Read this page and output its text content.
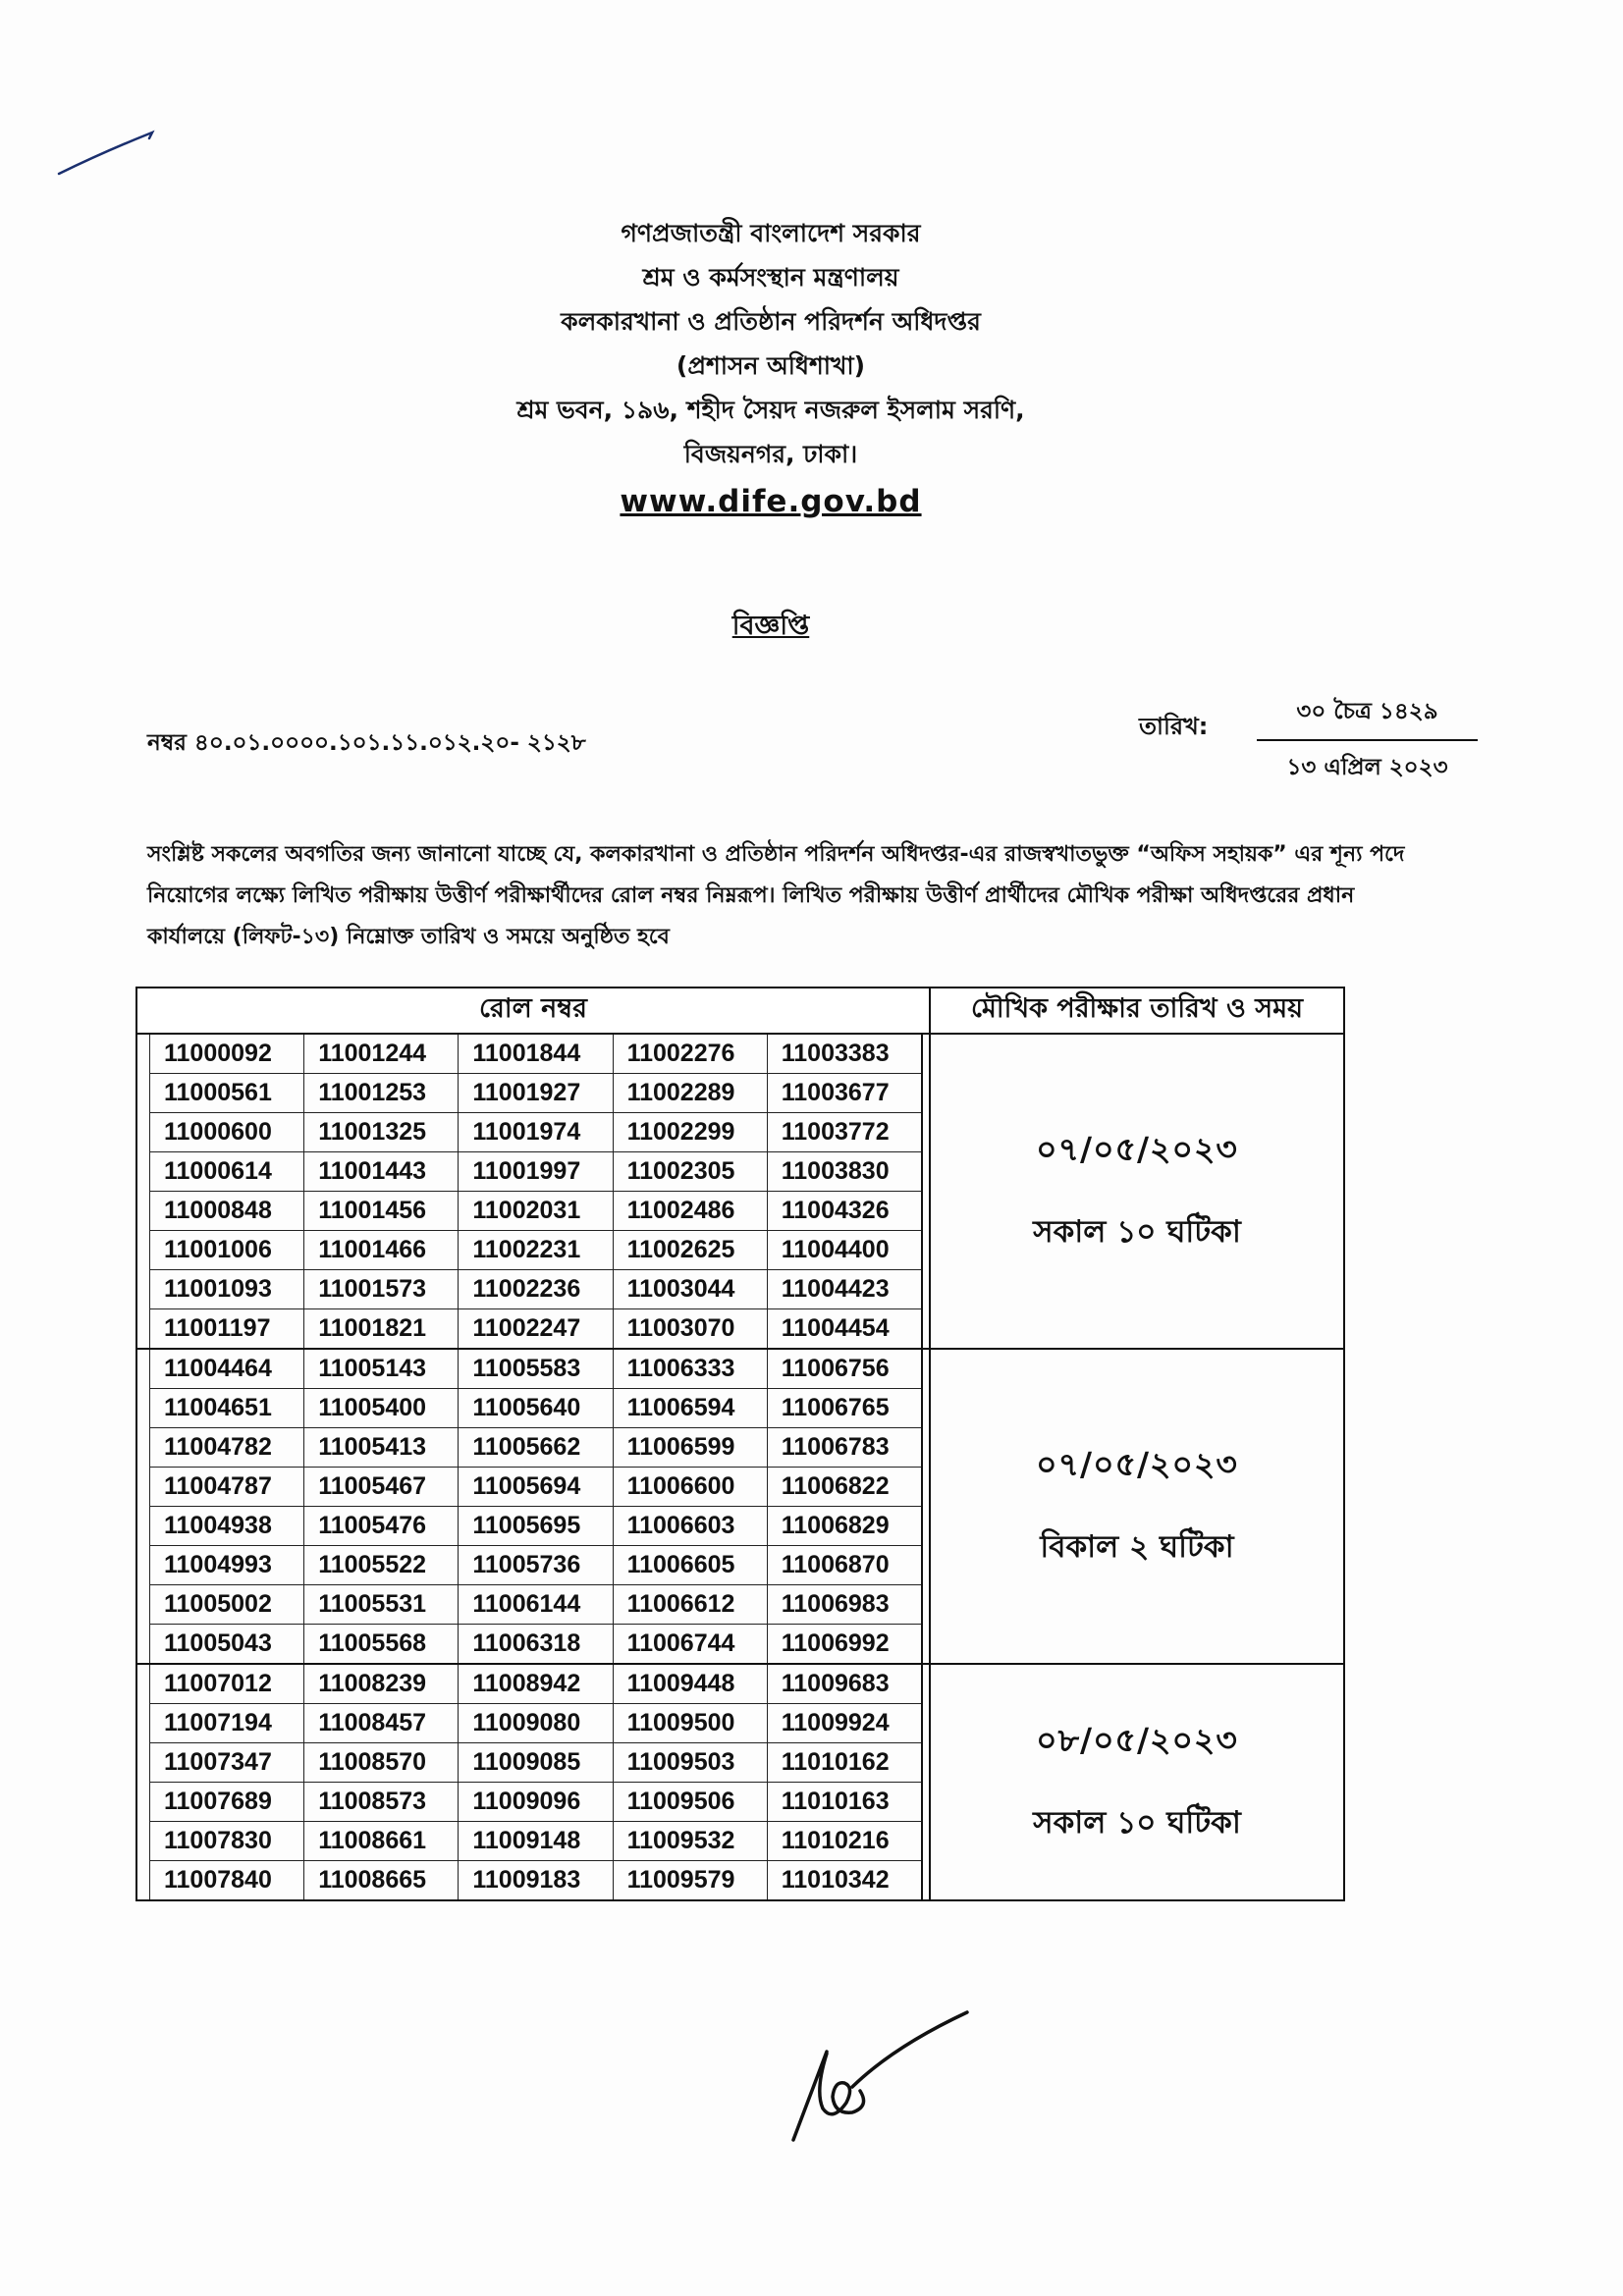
গণপ্রজাতন্ত্রী বাংলাদেশ সরকার
শ্রম ও কর্মসংস্থান মন্ত্রণালয়
কলকারখানা ও প্রতিষ্ঠান পরিদর্শন অধিদপ্তর
(প্রশাসন অধিশাখা)
শ্রম ভবন, ১৯৬, শহীদ সৈয়দ নজরুল ইসলাম সরণি,
বিজয়নগর, ঢাকা।
www.dife.gov.bd
বিজ্ঞপ্তি
নম্বর ৪০.০১.০০০০.১০১.১১.০১২.২০- ২১২৮
তারিখ:
৩০ চৈত্র ১৪২৯
১৩ এপ্রিল ২০২৩
সংশ্লিষ্ট সকলের অবগতির জন্য জানানো যাচ্ছে যে, কলকারখানা ও প্রতিষ্ঠান পরিদর্শন অধিদপ্তর-এর রাজস্বখাতভুক্ত “অফিস সহায়ক” এর শূন্য পদে নিয়োগের লক্ষ্যে লিখিত পরীক্ষায় উত্তীর্ণ পরীক্ষার্থীদের রোল নম্বর নিম্নরূপ। লিখিত পরীক্ষায় উত্তীর্ণ প্রার্থীদের মৌখিক পরীক্ষা অধিদপ্তরের প্রধান কার্যালয়ে (লিফট-১৩) নিম্নোক্ত তারিখ ও সময়ে অনুষ্ঠিত হবে
রোল নম্বর	মৌখিক পরীক্ষার তারিখ ও সময়

11000092	11001244	11001844	11002276	11003383
11000561	11001253	11001927	11002289	11003677
11000600	11001325	11001974	11002299	11003772
11000614	11001443	11001997	11002305	11003830
11000848	11001456	11002031	11002486	11004326
11001006	11001466	11002231	11002625	11004400
11001093	11001573	11002236	11003044	11004423
11001197	11001821	11002247	11003070	11004454

০৭/০৫/২০২৩
সকাল ১০ ঘটিকা

11004464	11005143	11005583	11006333	11006756
11004651	11005400	11005640	11006594	11006765
11004782	11005413	11005662	11006599	11006783
11004787	11005467	11005694	11006600	11006822
11004938	11005476	11005695	11006603	11006829
11004993	11005522	11005736	11006605	11006870
11005002	11005531	11006144	11006612	11006983
11005043	11005568	11006318	11006744	11006992

০৭/০৫/২০২৩
বিকাল ২ ঘটিকা

11007012	11008239	11008942	11009448	11009683
11007194	11008457	11009080	11009500	11009924
11007347	11008570	11009085	11009503	11010162
11007689	11008573	11009096	11009506	11010163
11007830	11008661	11009148	11009532	11010216
11007840	11008665	11009183	11009579	11010342

০৮/০৫/২০২৩
সকাল ১০ ঘটিকা
